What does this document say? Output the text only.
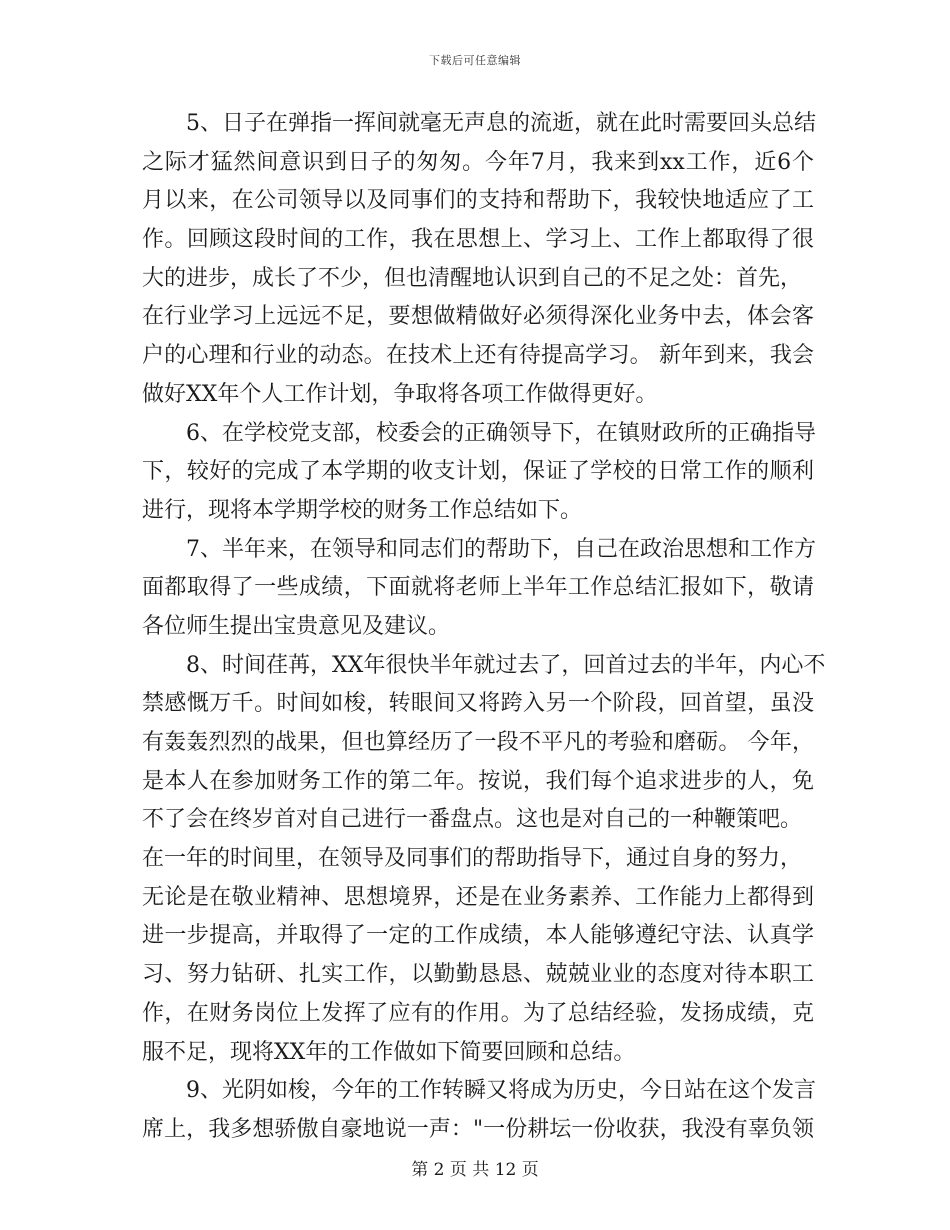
下载后可任意编辑
5、日子在弹指一挥间就毫无声息的流逝，就在此时需要回头总结
之际才猛然间意识到日子的匆匆。今年7月，我来到xx工作，近6个
月以来，在公司领导以及同事们的支持和帮助下，我较快地适应了工
作。回顾这段时间的工作，我在思想上、学习上、工作上都取得了很
大的进步，成长了不少，但也清醒地认识到自己的不足之处：首先，
在行业学习上远远不足，要想做精做好必须得深化业务中去，体会客
户的心理和行业的动态。在技术上还有待提高学习。 新年到来，我会
做好XX年个人工作计划，争取将各项工作做得更好。
6、在学校党支部，校委会的正确领导下，在镇财政所的正确指导
下，较好的完成了本学期的收支计划，保证了学校的日常工作的顺利
进行，现将本学期学校的财务工作总结如下。
7、半年来，在领导和同志们的帮助下，自己在政治思想和工作方
面都取得了一些成绩，下面就将老师上半年工作总结汇报如下，敬请
各位师生提出宝贵意见及建议。
8、时间荏苒，XX年很快半年就过去了，回首过去的半年，内心不
禁感慨万千。时间如梭，转眼间又将跨入另一个阶段，回首望，虽没
有轰轰烈烈的战果，但也算经历了一段不平凡的考验和磨砺。 今年，
是本人在参加财务工作的第二年。按说，我们每个追求进步的人，免
不了会在终岁首对自己进行一番盘点。这也是对自己的一种鞭策吧。
在一年的时间里，在领导及同事们的帮助指导下，通过自身的努力，
无论是在敬业精神、思想境界，还是在业务素养、工作能力上都得到
进一步提高，并取得了一定的工作成绩，本人能够遵纪守法、认真学
习、努力钻研、扎实工作，以勤勤恳恳、兢兢业业的态度对待本职工
作，在财务岗位上发挥了应有的作用。为了总结经验，发扬成绩，克
服不足，现将XX年的工作做如下简要回顾和总结。
9、光阴如梭，今年的工作转瞬又将成为历史，今日站在这个发言
席上，我多想骄傲自豪地说一声："一份耕坛一份收获，我没有辜负领
第 2 页 共 12 页
